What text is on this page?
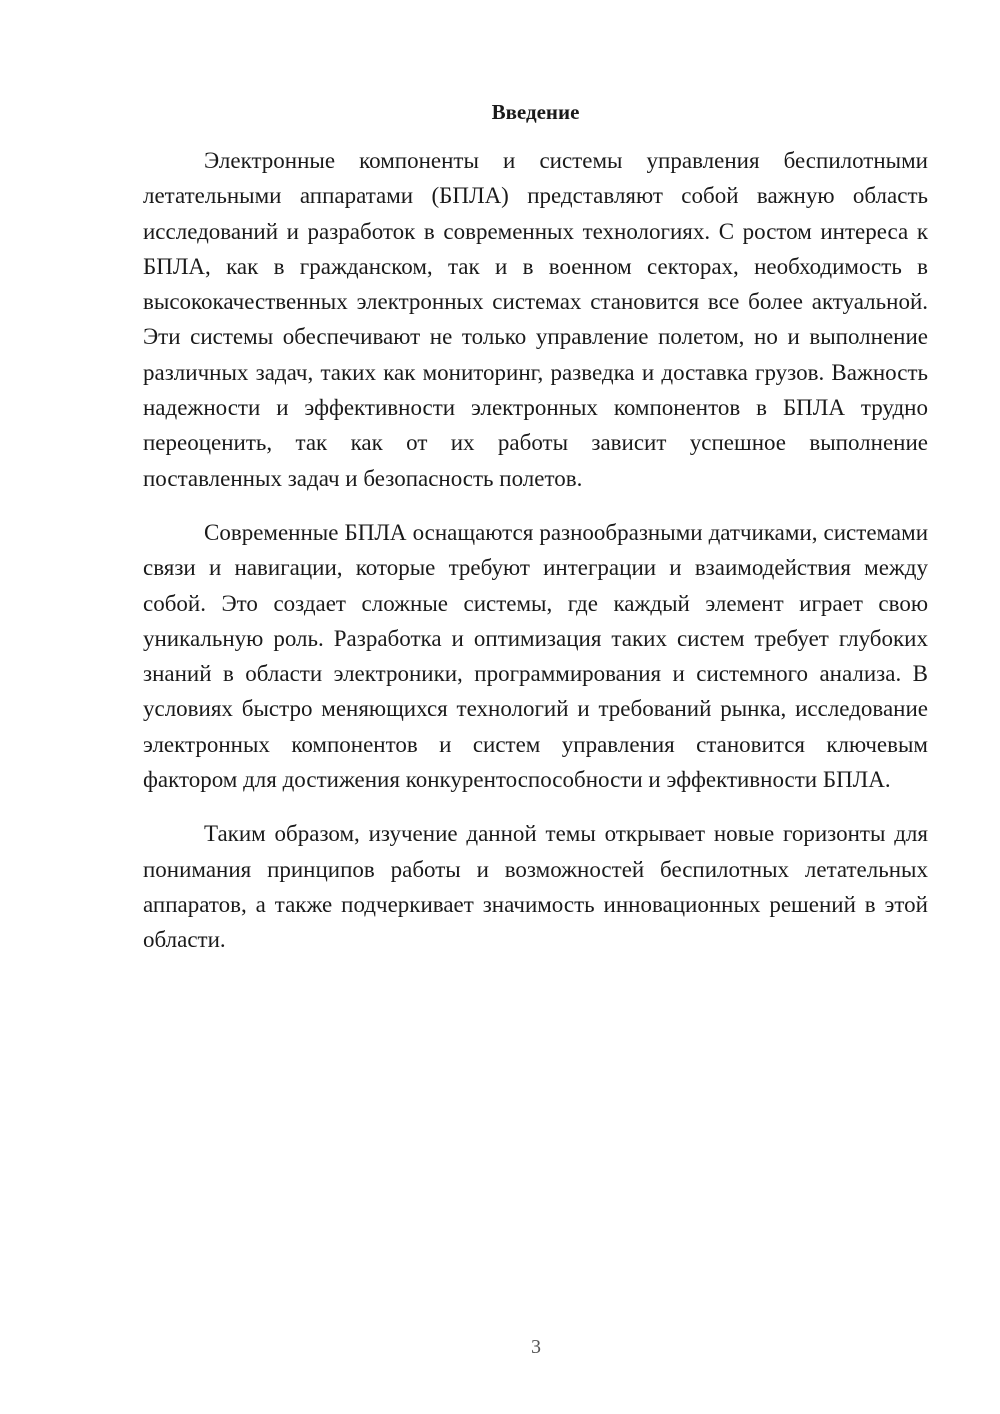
Введение

Электронные компоненты и системы управления беспилотными летательными аппаратами (БПЛА) представляют собой важную область исследований и разработок в современных технологиях. С ростом интереса к БПЛА, как в гражданском, так и в военном секторах, необходимость в высококачественных электронных системах становится все более актуальной. Эти системы обеспечивают не только управление полетом, но и выполнение различных задач, таких как мониторинг, разведка и доставка грузов. Важность надежности и эффективности электронных компонентов в БПЛА трудно переоценить, так как от их работы зависит успешное выполнение поставленных задач и безопасность полетов.

Современные БПЛА оснащаются разнообразными датчиками, системами связи и навигации, которые требуют интеграции и взаимодействия между собой. Это создает сложные системы, где каждый элемент играет свою уникальную роль. Разработка и оптимизация таких систем требует глубоких знаний в области электроники, программирования и системного анализа. В условиях быстро меняющихся технологий и требований рынка, исследование электронных компонентов и систем управления становится ключевым фактором для достижения конкурентоспособности и эффективности БПЛА.

Таким образом, изучение данной темы открывает новые горизонты для понимания принципов работы и возможностей беспилотных летательных аппаратов, а также подчеркивает значимость инновационных решений в этой области.

3
